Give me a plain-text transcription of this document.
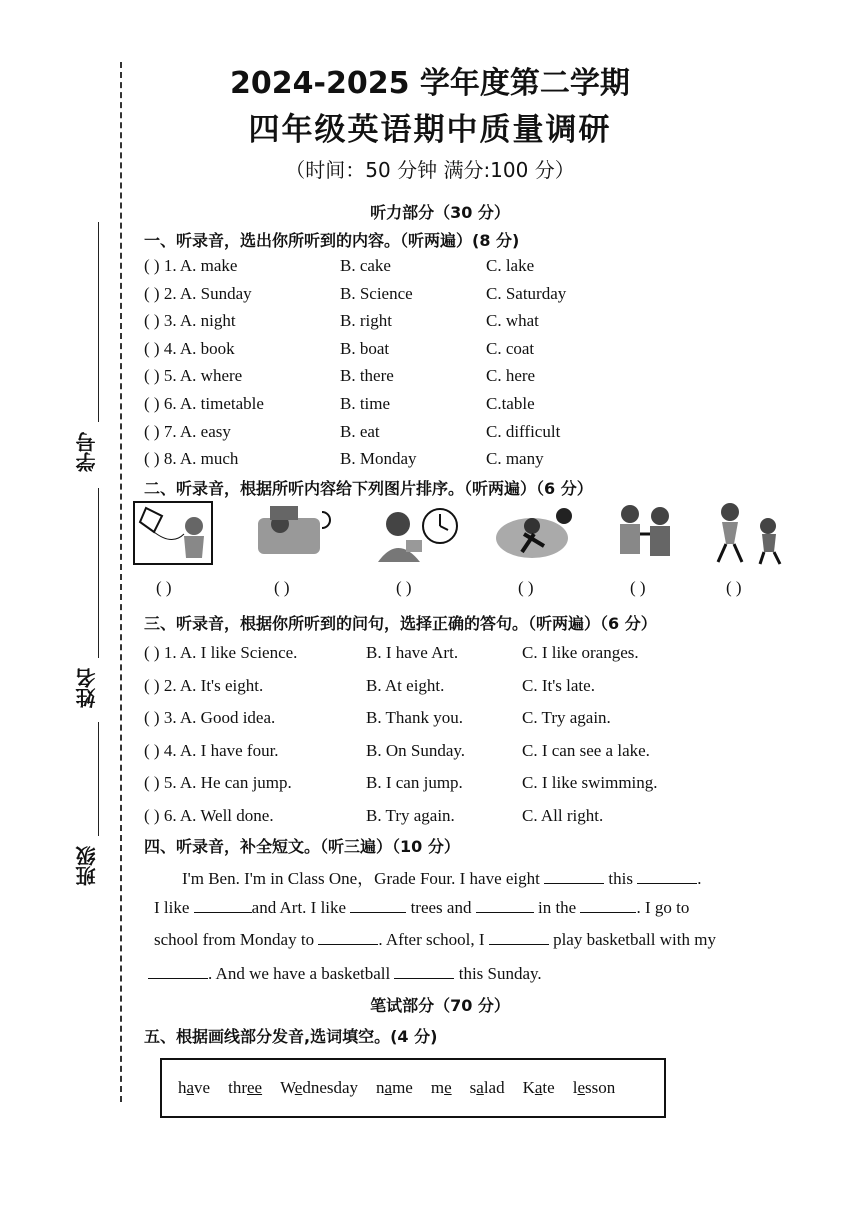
学号
姓名
班级
2024-2025 学年度第二学期
四年级英语期中质量调研
（时间：50 分钟 满分:100 分）
听力部分（30 分）
一、听录音，选出你所听到的内容。（听两遍）(8 分)
( ) 1. A. make	B. cake	C. lake
( ) 2. A. Sunday	B. Science	C. Saturday
( ) 3. A. night	B. right	C. what
( ) 4. A. book	B. boat	C. coat
( ) 5. A. where	B. there	C. here
( ) 6. A. timetable	B. time	C.table
( ) 7. A. easy	B. eat	C. difficult
( ) 8. A. much	B. Monday	C. many
二、听录音，根据所听内容给下列图片排序。（听两遍）（6 分）
( )	( )	( )	( )	( )	( )
三、听录音，根据你所听到的问句，选择正确的答句。（听两遍）（6 分）
( ) 1. A. I like Science.	B. I have Art.	C. I like oranges.
( ) 2. A. It's eight.	B. At eight.	C. It's late.
( ) 3. A. Good idea.	B. Thank you.	C. Try again.
( ) 4. A. I have four.	B. On Sunday.	C. I can see a lake.
( ) 5. A. He can jump.	B. I can jump.	C. I like swimming.
( ) 6. A. Well done.	B. Try again.	C. All right.
四、听录音，补全短文。（听三遍）（10 分）
I'm Ben. I'm in Class One，Grade Four. I have eight	this	.
I like	and Art. I like	trees and	in the	. I go to
school from Monday to	. After school, I	play basketball with my
. And we have a basketball	this Sunday.
笔试部分（70 分）
五、根据画线部分发音,选词填空。(4 分)
have three Wednesday name me salad Kate lesson
